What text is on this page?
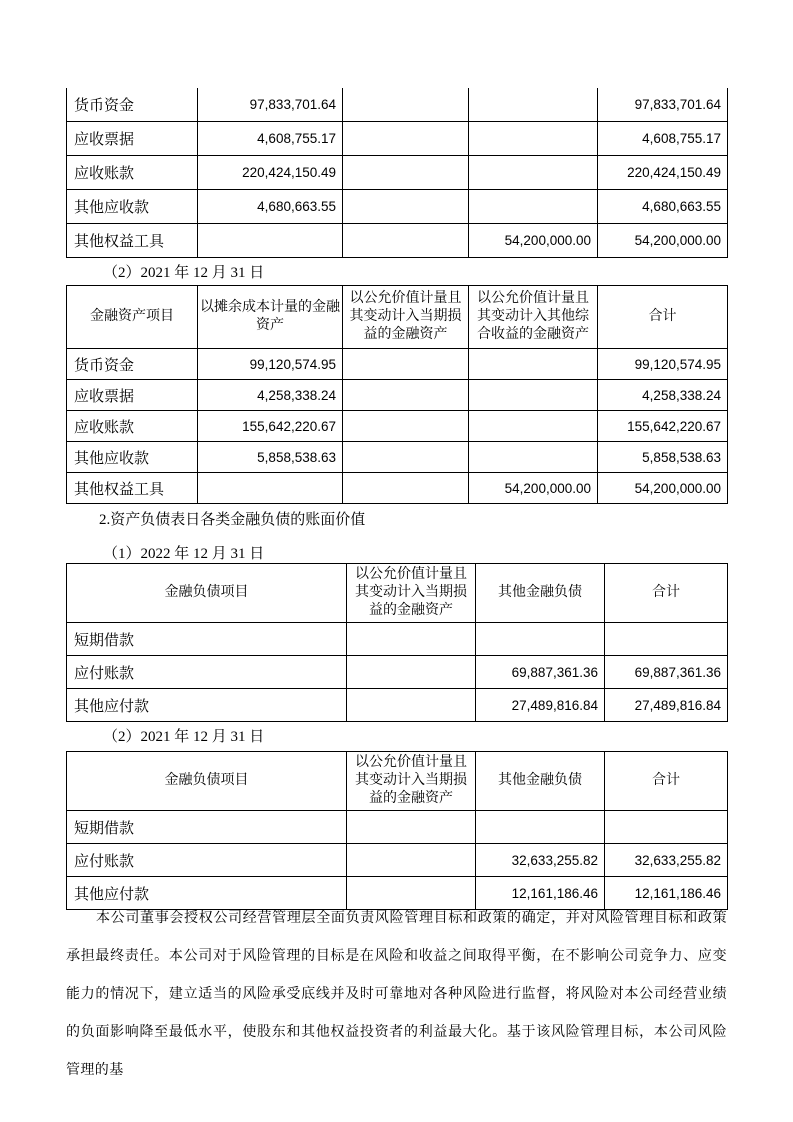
货币资金	97,833,701.64			97,833,701.64
应收票据	4,608,755.17			4,608,755.17
应收账款	220,424,150.49			220,424,150.49
其他应收款	4,680,663.55			4,680,663.55
其他权益工具			54,200,000.00	54,200,000.00
（2）2021 年 12 月 31 日
金融资产项目	以摊余成本计量的金融资产	以公允价值计量且其变动计入当期损益的金融资产	以公允价值计量且其变动计入其他综合收益的金融资产	合计
货币资金	99,120,574.95			99,120,574.95
应收票据	4,258,338.24			4,258,338.24
应收账款	155,642,220.67			155,642,220.67
其他应收款	5,858,538.63			5,858,538.63
其他权益工具			54,200,000.00	54,200,000.00
2.资产负债表日各类金融负债的账面价值
（1）2022 年 12 月 31 日
金融负债项目	以公允价值计量且其变动计入当期损益的金融资产	其他金融负债	合计
短期借款			
应付账款		69,887,361.36	69,887,361.36
其他应付款		27,489,816.84	27,489,816.84
（2）2021 年 12 月 31 日
金融负债项目	以公允价值计量且其变动计入当期损益的金融资产	其他金融负债	合计
短期借款			
应付账款		32,633,255.82	32,633,255.82
其他应付款		12,161,186.46	12,161,186.46
本公司董事会授权公司经营管理层全面负责风险管理目标和政策的确定，并对风险管理目标和政策承担最终责任。本公司对于风险管理的目标是在风险和收益之间取得平衡，在不影响公司竞争力、应变能力的情况下，建立适当的风险承受底线并及时可靠地对各种风险进行监督，将风险对本公司经营业绩的负面影响降至最低水平，使股东和其他权益投资者的利益最大化。基于该风险管理目标，本公司风险管理的基
